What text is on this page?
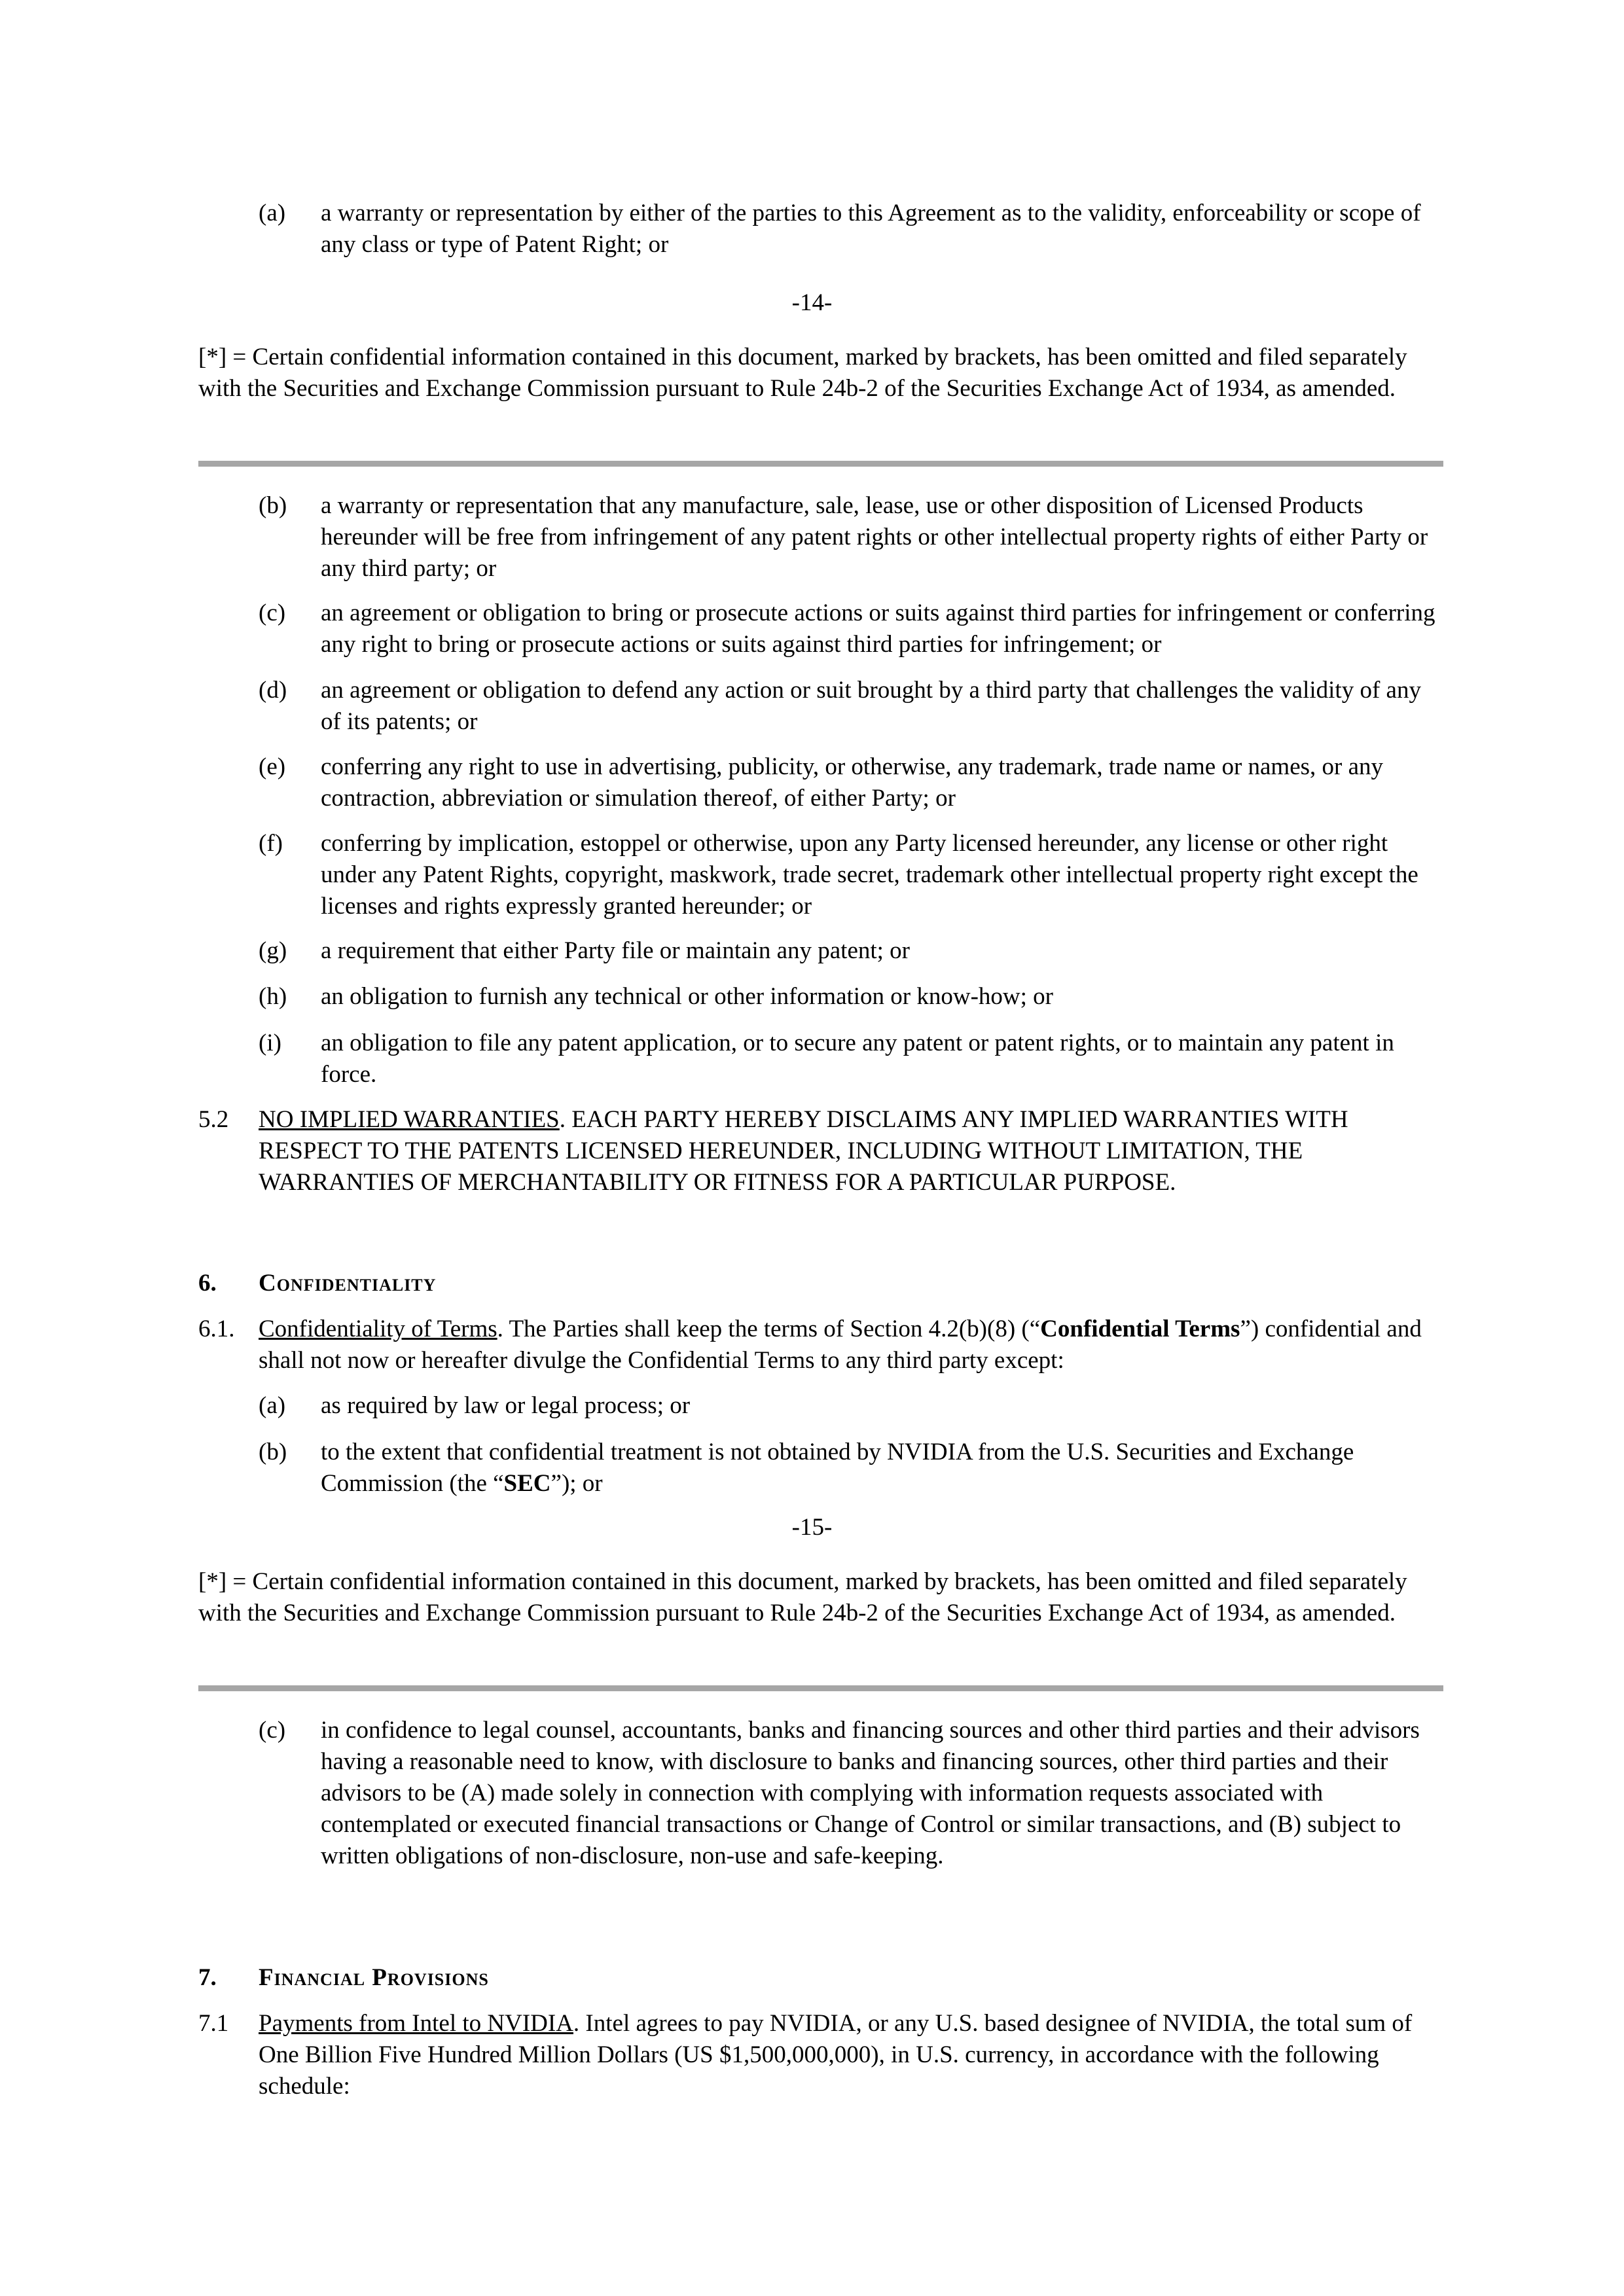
(a) a warranty or representation by either of the parties to this Agreement as to the validity, enforceability or scope of any class or type of Patent Right; or
-14-
[*] = Certain confidential information contained in this document, marked by brackets, has been omitted and filed separately with the Securities and Exchange Commission pursuant to Rule 24b-2 of the Securities Exchange Act of 1934, as amended.
(b) a warranty or representation that any manufacture, sale, lease, use or other disposition of Licensed Products hereunder will be free from infringement of any patent rights or other intellectual property rights of either Party or any third party; or
(c) an agreement or obligation to bring or prosecute actions or suits against third parties for infringement or conferring any right to bring or prosecute actions or suits against third parties for infringement; or
(d) an agreement or obligation to defend any action or suit brought by a third party that challenges the validity of any of its patents; or
(e) conferring any right to use in advertising, publicity, or otherwise, any trademark, trade name or names, or any contraction, abbreviation or simulation thereof, of either Party; or
(f) conferring by implication, estoppel or otherwise, upon any Party licensed hereunder, any license or other right under any Patent Rights, copyright, maskwork, trade secret, trademark other intellectual property right except the licenses and rights expressly granted hereunder; or
(g) a requirement that either Party file or maintain any patent; or
(h) an obligation to furnish any technical or other information or know-how; or
(i) an obligation to file any patent application, or to secure any patent or patent rights, or to maintain any patent in force.
5.2 NO IMPLIED WARRANTIES. EACH PARTY HEREBY DISCLAIMS ANY IMPLIED WARRANTIES WITH RESPECT TO THE PATENTS LICENSED HEREUNDER, INCLUDING WITHOUT LIMITATION, THE WARRANTIES OF MERCHANTABILITY OR FITNESS FOR A PARTICULAR PURPOSE.
6. Confidentiality
6.1. Confidentiality of Terms. The Parties shall keep the terms of Section 4.2(b)(8) (“Confidential Terms”) confidential and shall not now or hereafter divulge the Confidential Terms to any third party except:
(a) as required by law or legal process; or
(b) to the extent that confidential treatment is not obtained by NVIDIA from the U.S. Securities and Exchange Commission (the “SEC”); or
-15-
[*] = Certain confidential information contained in this document, marked by brackets, has been omitted and filed separately with the Securities and Exchange Commission pursuant to Rule 24b-2 of the Securities Exchange Act of 1934, as amended.
(c) in confidence to legal counsel, accountants, banks and financing sources and other third parties and their advisors having a reasonable need to know, with disclosure to banks and financing sources, other third parties and their advisors to be (A) made solely in connection with complying with information requests associated with contemplated or executed financial transactions or Change of Control or similar transactions, and (B) subject to written obligations of non-disclosure, non-use and safe-keeping.
7. Financial Provisions
7.1 Payments from Intel to NVIDIA. Intel agrees to pay NVIDIA, or any U.S. based designee of NVIDIA, the total sum of One Billion Five Hundred Million Dollars (US $1,500,000,000), in U.S. currency, in accordance with the following schedule:
